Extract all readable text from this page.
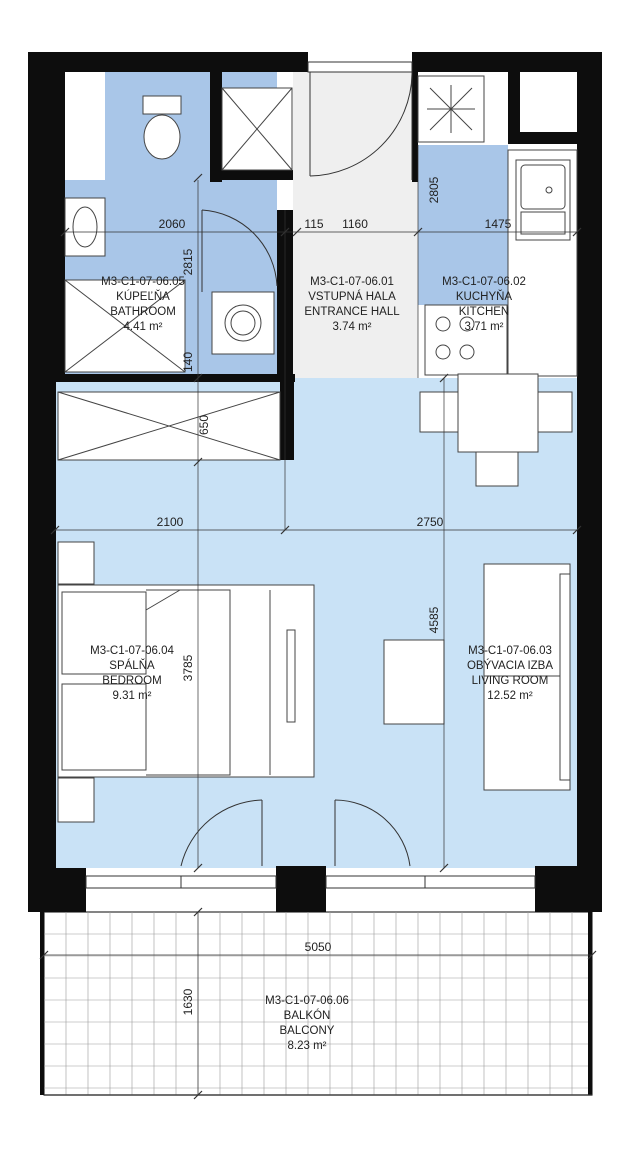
2060	115 1160	1475
2805
2815
140
650
2100	2750
4585
3785
5050
1630
M3-C1-07-06.05
KÚPEĽŇA
BATHROOM
4.41 m²
M3-C1-07-06.01
VSTUPNÁ HALA
ENTRANCE HALL
3.74 m²
M3-C1-07-06.02
KUCHYŇA
KITCHEN
3.71 m²
M3-C1-07-06.04
SPÁLŇA
BEDROOM
9.31 m²
M3-C1-07-06.03
OBÝVACIA IZBA
LIVING ROOM
12.52 m²
M3-C1-07-06.06
BALKÓN
BALCONY
8.23 m²
